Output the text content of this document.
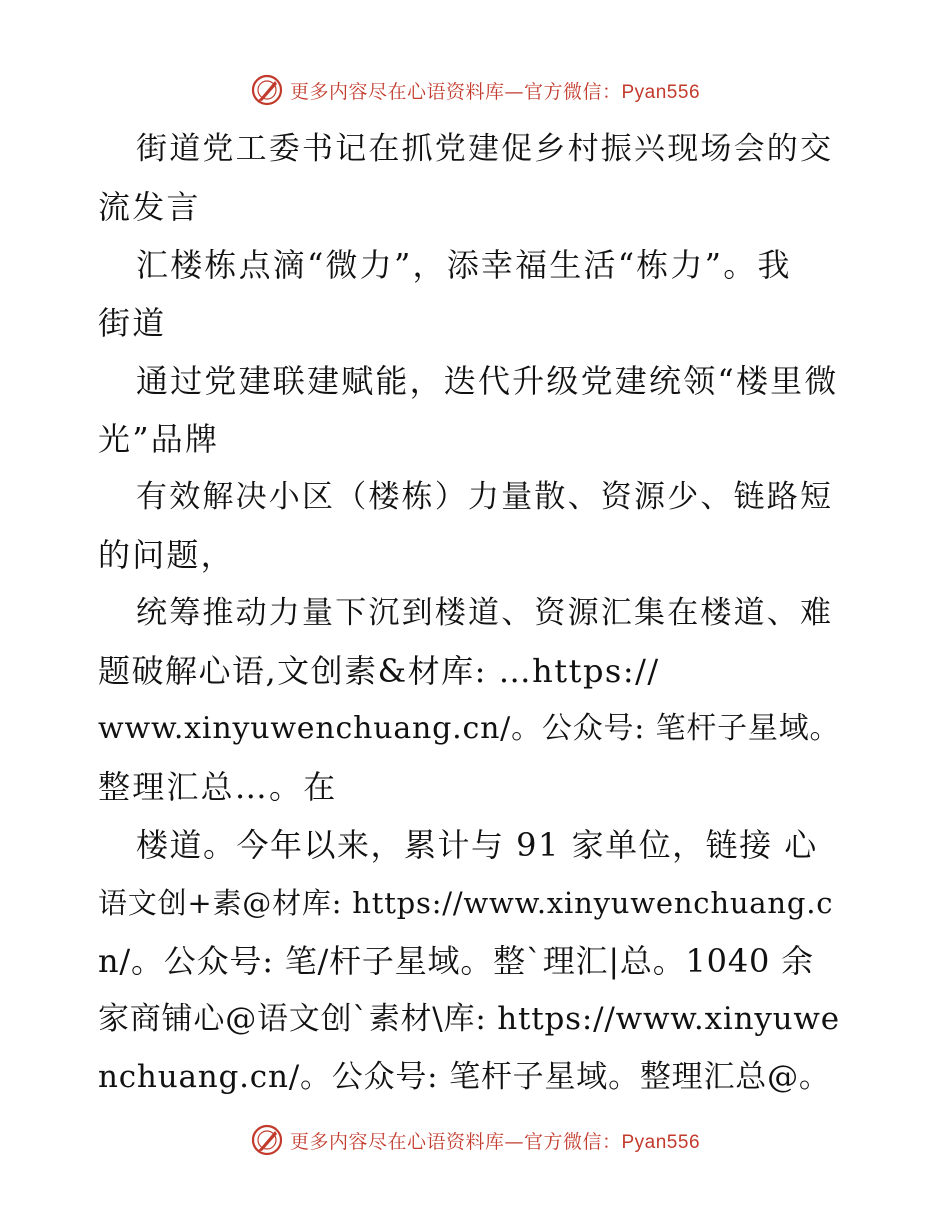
更多内容尽在心语资料库—官方微信：Pyan556
街道党工委书记在抓党建促乡村振兴现场会的交
流发言
汇楼栋点滴“微力”，添幸福生活“栋力”。我
街道
通过党建联建赋能，迭代升级党建统领“楼里微
光”品牌
有效解决小区（楼栋）力量散、资源少、链路短
的问题，
统筹推动力量下沉到楼道、资源汇集在楼道、难
题破解心语,文创素&材库: …https://
www.xinyuwenchuang.cn/。公众号: 笔杆子星域。
整理汇总…。在
楼道。今年以来，累计与 91 家单位，链接 心
语文创+素@材库: https://www.xinyuwenchuang.c
n/。公众号: 笔/杆子星域。整`理汇|总。1040 余
家商铺心@语文创`素材\库: https://www.xinyuwe
nchuang.cn/。公众号: 笔杆子星域。整理汇总@。
更多内容尽在心语资料库—官方微信：Pyan556
